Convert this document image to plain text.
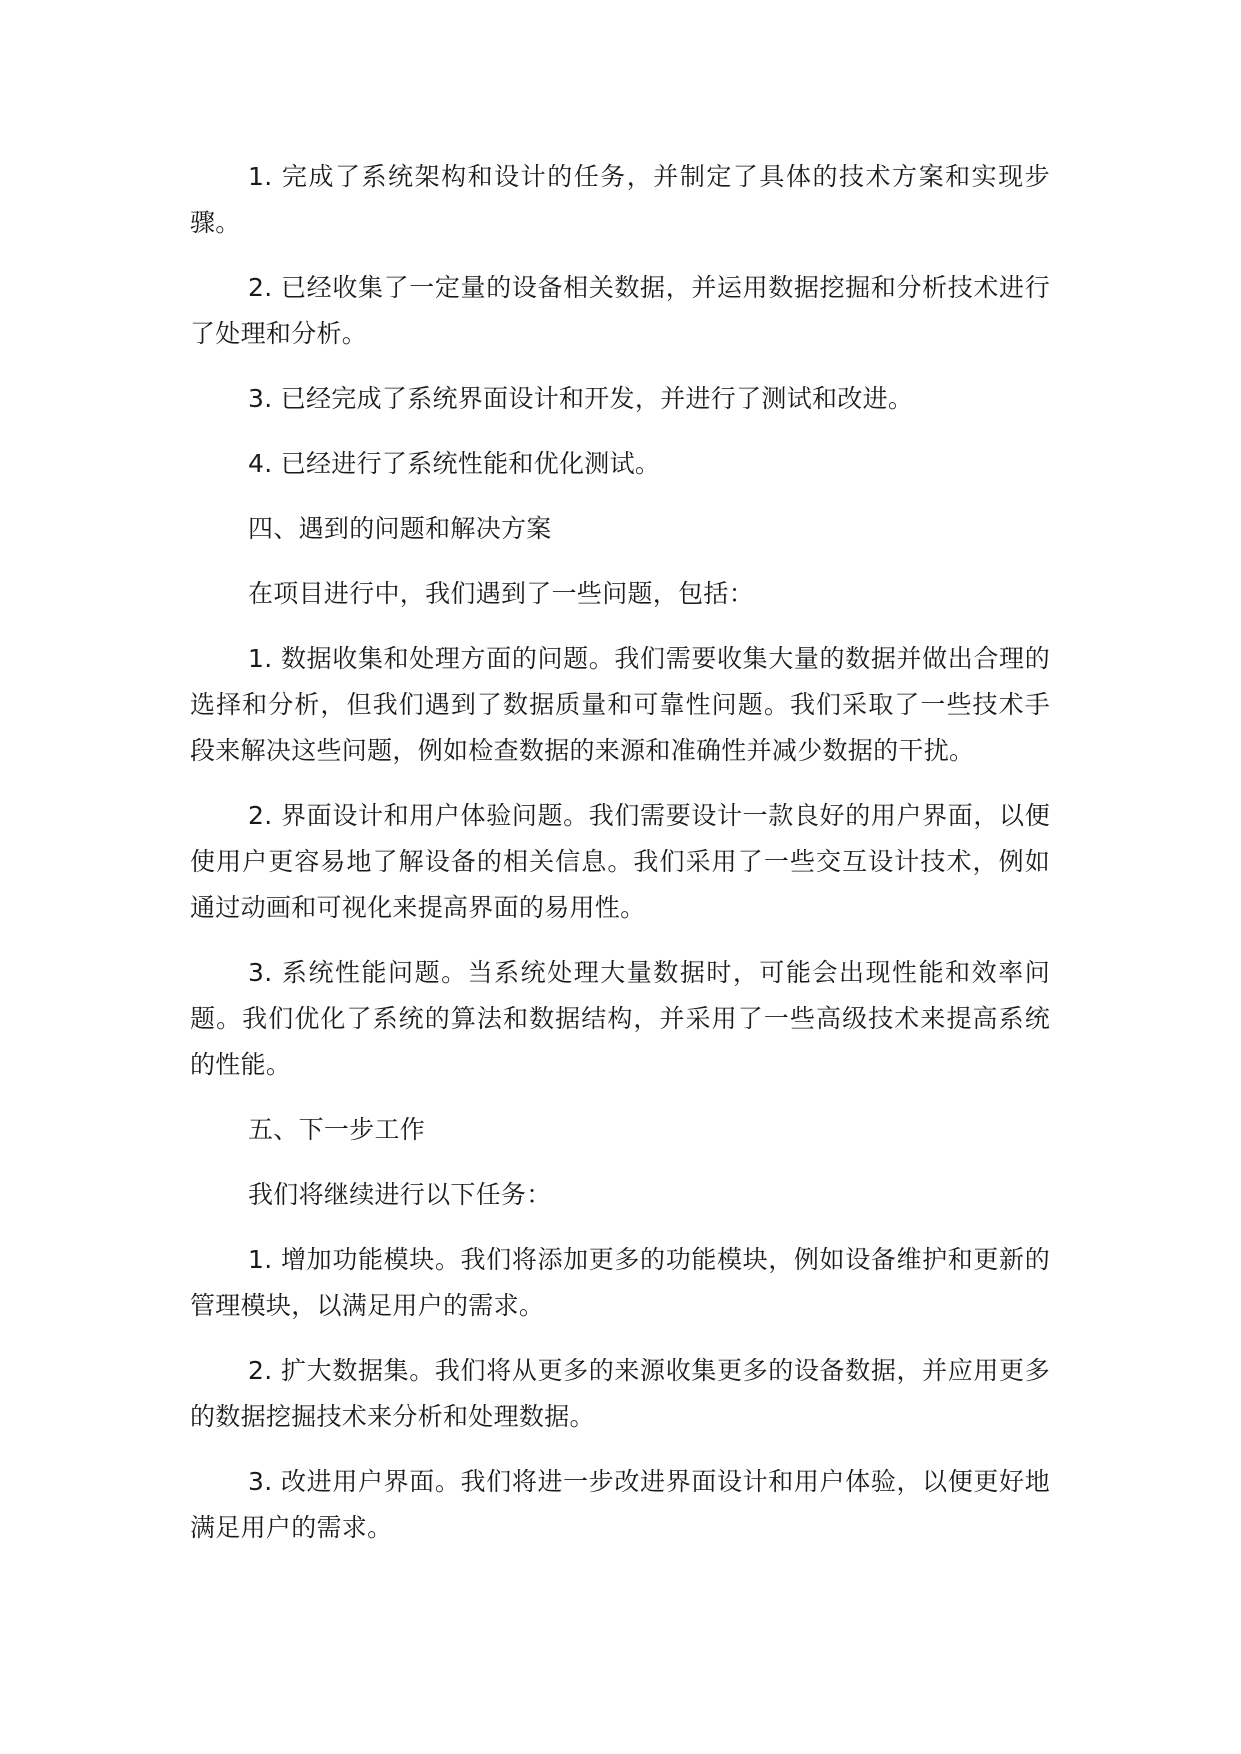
1. 完成了系统架构和设计的任务，并制定了具体的技术方案和实现步骤。

2. 已经收集了一定量的设备相关数据，并运用数据挖掘和分析技术进行了处理和分析。

3. 已经完成了系统界面设计和开发，并进行了测试和改进。

4. 已经进行了系统性能和优化测试。

四、遇到的问题和解决方案

在项目进行中，我们遇到了一些问题，包括：

1. 数据收集和处理方面的问题。我们需要收集大量的数据并做出合理的选择和分析，但我们遇到了数据质量和可靠性问题。我们采取了一些技术手段来解决这些问题，例如检查数据的来源和准确性并减少数据的干扰。

2. 界面设计和用户体验问题。我们需要设计一款良好的用户界面，以便使用户更容易地了解设备的相关信息。我们采用了一些交互设计技术，例如通过动画和可视化来提高界面的易用性。

3. 系统性能问题。当系统处理大量数据时，可能会出现性能和效率问题。我们优化了系统的算法和数据结构，并采用了一些高级技术来提高系统的性能。

五、下一步工作

我们将继续进行以下任务：

1. 增加功能模块。我们将添加更多的功能模块，例如设备维护和更新的管理模块，以满足用户的需求。

2. 扩大数据集。我们将从更多的来源收集更多的设备数据，并应用更多的数据挖掘技术来分析和处理数据。

3. 改进用户界面。我们将进一步改进界面设计和用户体验，以便更好地满足用户的需求。
